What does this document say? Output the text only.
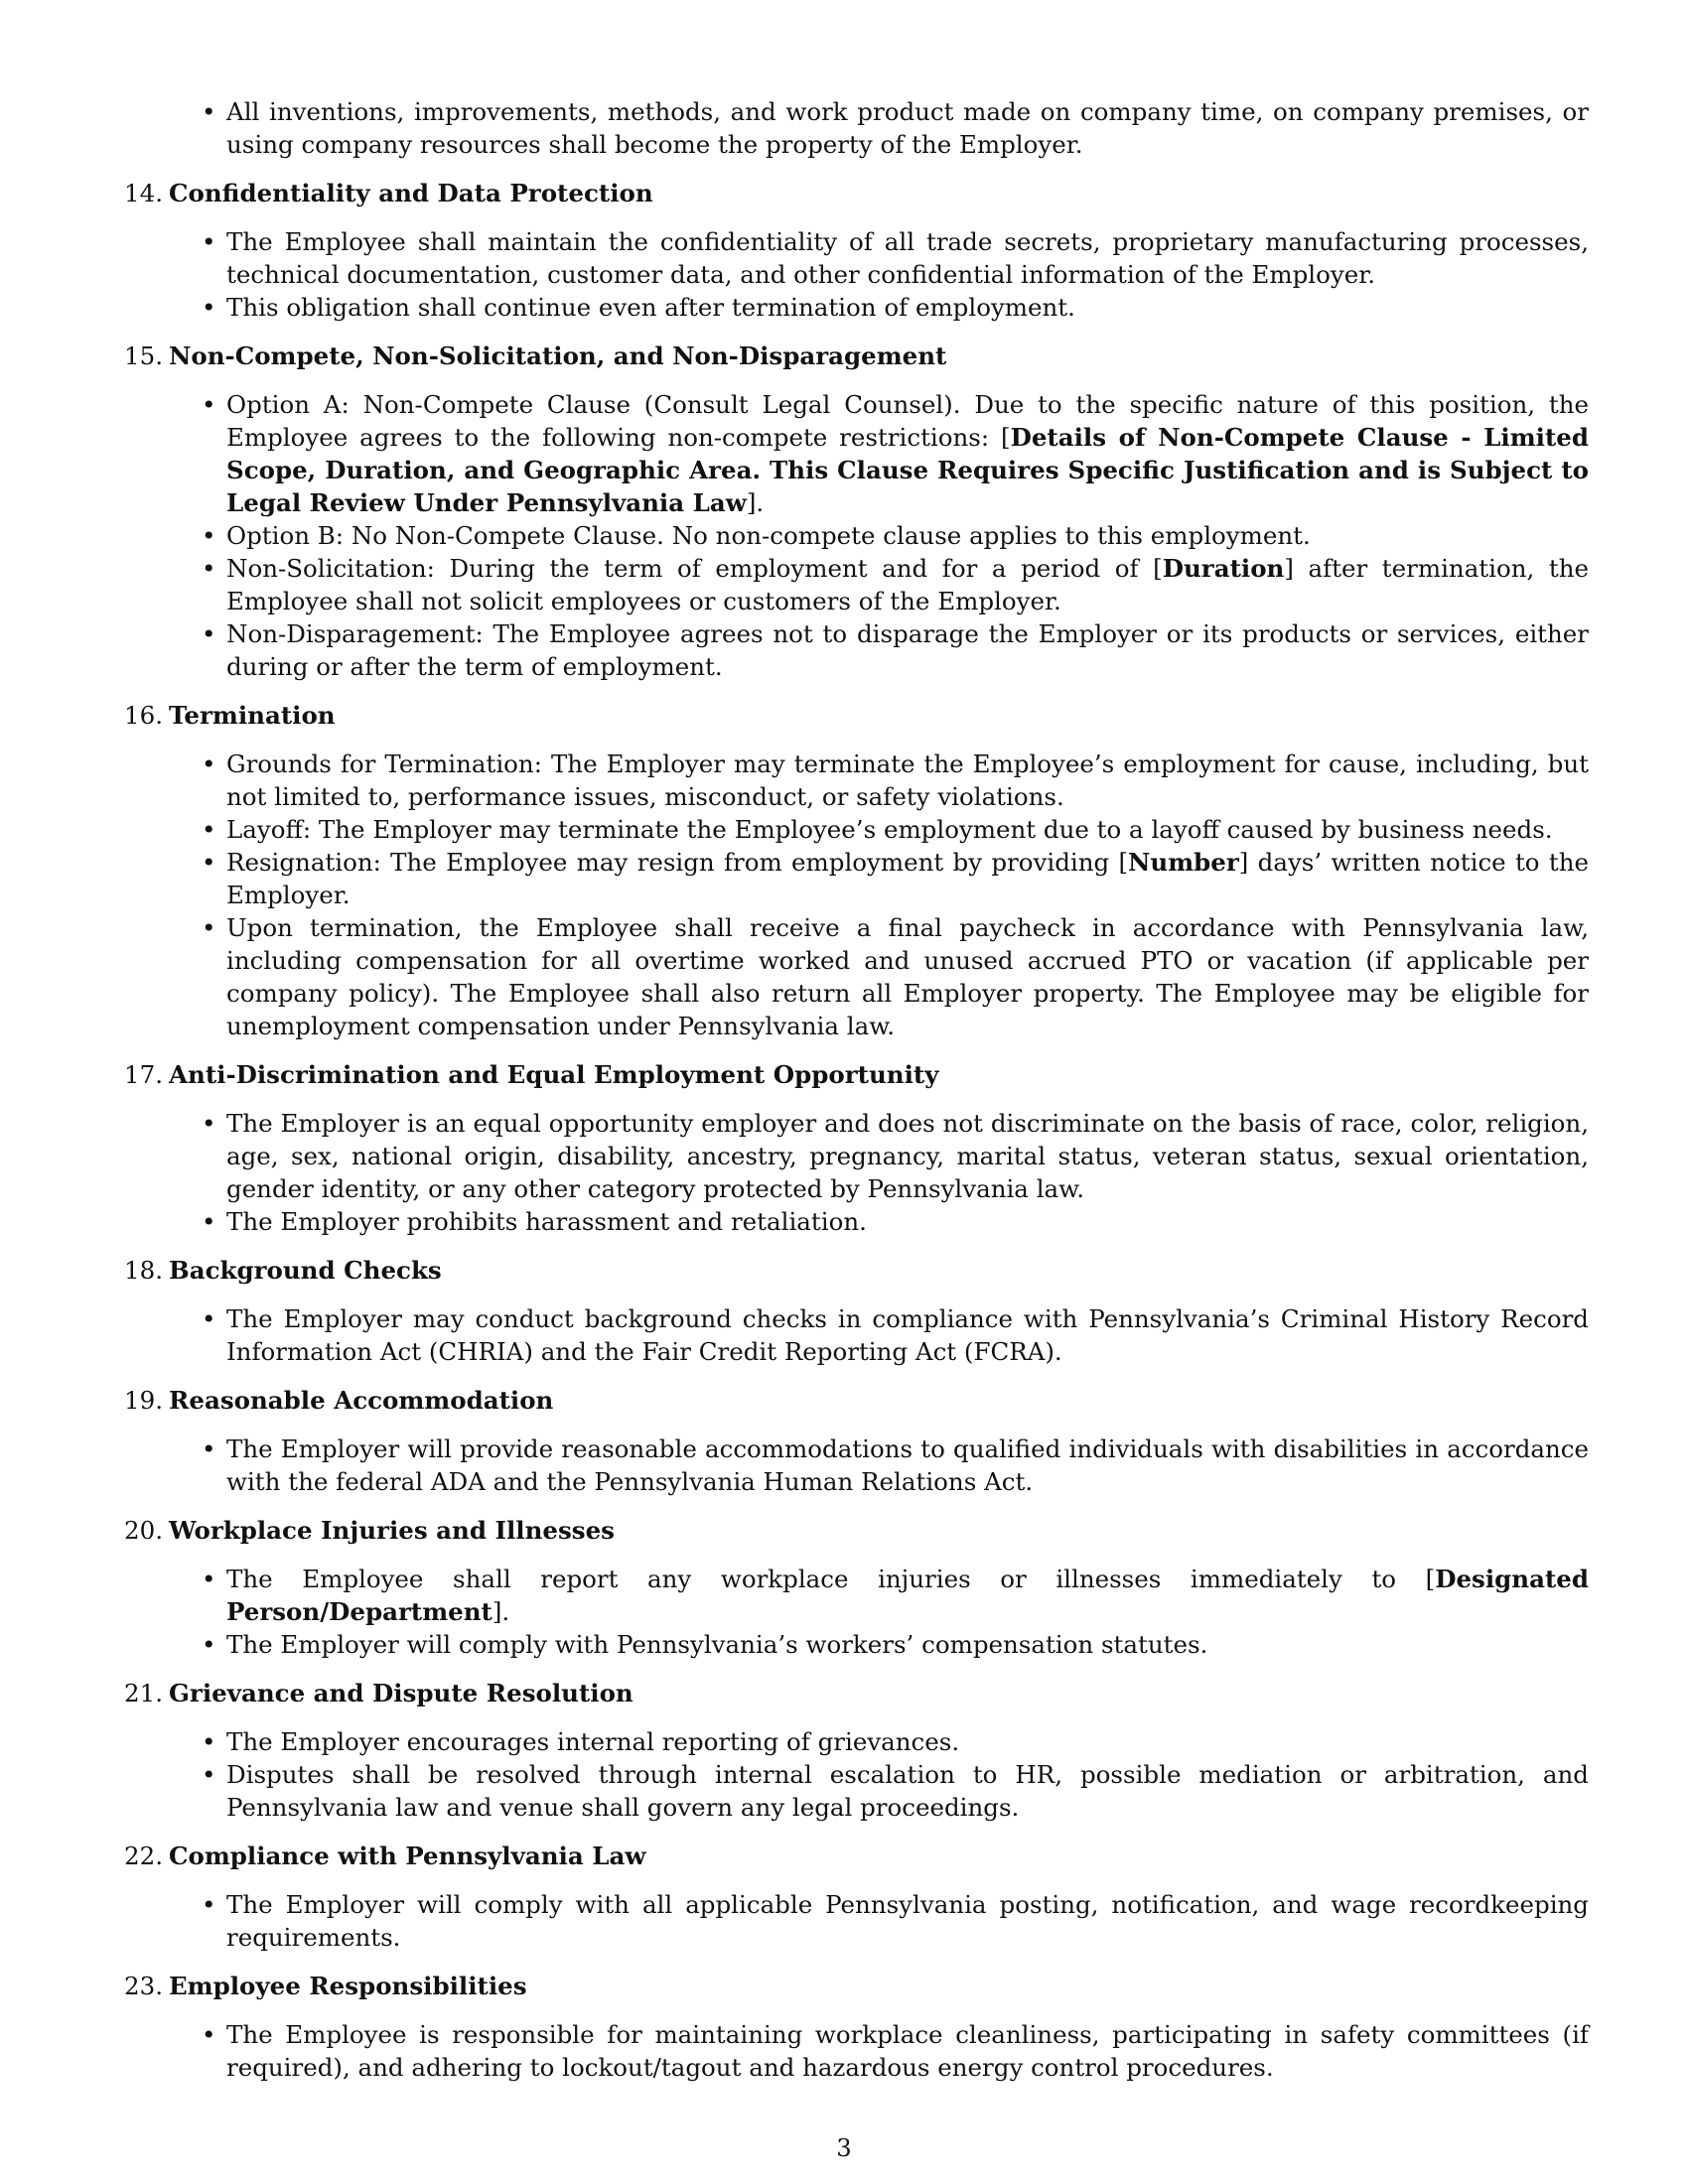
• All inventions, improvements, methods, and work product made on company time, on company premises, or using company resources shall become the property of the Employer.
14. Confidentiality and Data Protection
• The Employee shall maintain the confidentiality of all trade secrets, proprietary manufacturing processes, technical documentation, customer data, and other confidential information of the Employer.
• This obligation shall continue even after termination of employment.
15. Non-Compete, Non-Solicitation, and Non-Disparagement
• Option A: Non-Compete Clause (Consult Legal Counsel). Due to the specific nature of this position, the Employee agrees to the following non-compete restrictions: [Details of Non-Compete Clause - Limited Scope, Duration, and Geographic Area. This Clause Requires Specific Justification and is Subject to Legal Review Under Pennsylvania Law].
• Option B: No Non-Compete Clause. No non-compete clause applies to this employment.
• Non-Solicitation: During the term of employment and for a period of [Duration] after termination, the Employee shall not solicit employees or customers of the Employer.
• Non-Disparagement: The Employee agrees not to disparage the Employer or its products or services, either during or after the term of employment.
16. Termination
• Grounds for Termination: The Employer may terminate the Employee’s employment for cause, including, but not limited to, performance issues, misconduct, or safety violations.
• Layoff: The Employer may terminate the Employee’s employment due to a layoff caused by business needs.
• Resignation: The Employee may resign from employment by providing [Number] days’ written notice to the Employer.
• Upon termination, the Employee shall receive a final paycheck in accordance with Pennsylvania law, including compensation for all overtime worked and unused accrued PTO or vacation (if applicable per company policy). The Employee shall also return all Employer property. The Employee may be eligible for unemployment compensation under Pennsylvania law.
17. Anti-Discrimination and Equal Employment Opportunity
• The Employer is an equal opportunity employer and does not discriminate on the basis of race, color, religion, age, sex, national origin, disability, ancestry, pregnancy, marital status, veteran status, sexual orientation, gender identity, or any other category protected by Pennsylvania law.
• The Employer prohibits harassment and retaliation.
18. Background Checks
• The Employer may conduct background checks in compliance with Pennsylvania’s Criminal History Record Information Act (CHRIA) and the Fair Credit Reporting Act (FCRA).
19. Reasonable Accommodation
• The Employer will provide reasonable accommodations to qualified individuals with disabilities in accordance with the federal ADA and the Pennsylvania Human Relations Act.
20. Workplace Injuries and Illnesses
• The Employee shall report any workplace injuries or illnesses immediately to [Designated Person/Department].
• The Employer will comply with Pennsylvania’s workers’ compensation statutes.
21. Grievance and Dispute Resolution
• The Employer encourages internal reporting of grievances.
• Disputes shall be resolved through internal escalation to HR, possible mediation or arbitration, and Pennsylvania law and venue shall govern any legal proceedings.
22. Compliance with Pennsylvania Law
• The Employer will comply with all applicable Pennsylvania posting, notification, and wage recordkeeping requirements.
23. Employee Responsibilities
• The Employee is responsible for maintaining workplace cleanliness, participating in safety committees (if required), and adhering to lockout/tagout and hazardous energy control procedures.
3
